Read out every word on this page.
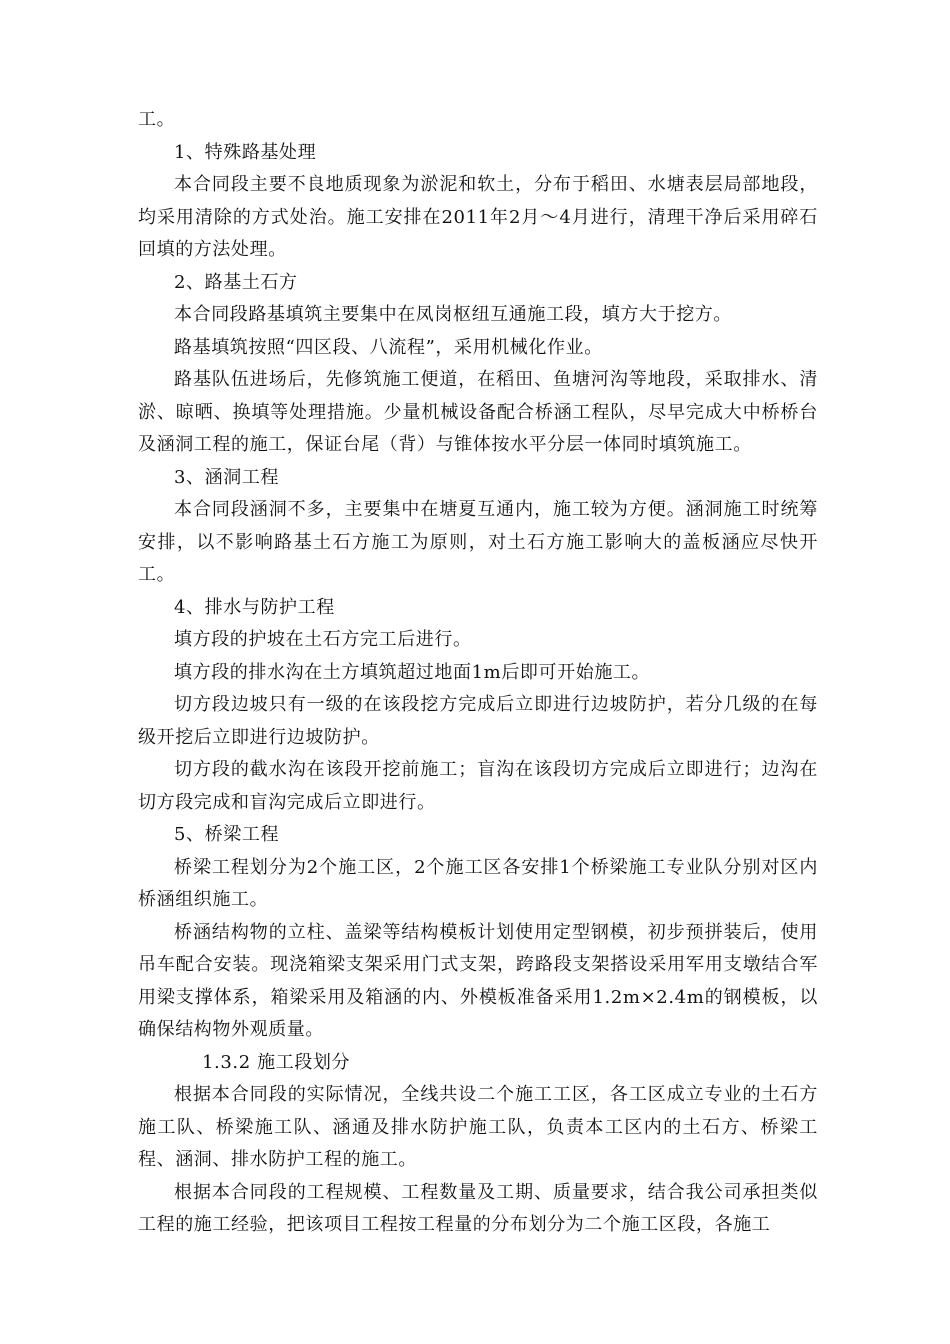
工。

1、特殊路基处理

本合同段主要不良地质现象为淤泥和软土，分布于稻田、水塘表层局部地段，均采用清除的方式处治。施工安排在2011年2月～4月进行，清理干净后采用碎石回填的方法处理。

2、路基土石方

本合同段路基填筑主要集中在凤岗枢纽互通施工段，填方大于挖方。

路基填筑按照“四区段、八流程”，采用机械化作业。

路基队伍进场后，先修筑施工便道，在稻田、鱼塘河沟等地段，采取排水、清淤、晾晒、换填等处理措施。少量机械设备配合桥涵工程队，尽早完成大中桥桥台及涵洞工程的施工，保证台尾（背）与锥体按水平分层一体同时填筑施工。

3、涵洞工程

本合同段涵洞不多，主要集中在塘夏互通内，施工较为方便。涵洞施工时统筹安排，以不影响路基土石方施工为原则，对土石方施工影响大的盖板涵应尽快开工。

4、排水与防护工程

填方段的护坡在土石方完工后进行。

填方段的排水沟在土方填筑超过地面1m后即可开始施工。

切方段边坡只有一级的在该段挖方完成后立即进行边坡防护，若分几级的在每级开挖后立即进行边坡防护。

切方段的截水沟在该段开挖前施工；盲沟在该段切方完成后立即进行；边沟在切方段完成和盲沟完成后立即进行。

5、桥梁工程

桥梁工程划分为2个施工区，2个施工区各安排1个桥梁施工专业队分别对区内桥涵组织施工。

桥涵结构物的立柱、盖梁等结构模板计划使用定型钢模，初步预拼装后，使用吊车配合安装。现浇箱梁支架采用门式支架，跨路段支架搭设采用军用支墩结合军用梁支撑体系，箱梁采用及箱涵的内、外模板准备采用1.2m×2.4m的钢模板，以确保结构物外观质量。

1.3.2 施工段划分

根据本合同段的实际情况，全线共设二个施工工区，各工区成立专业的土石方施工队、桥梁施工队、涵通及排水防护施工队，负责本工区内的土石方、桥梁工程、涵洞、排水防护工程的施工。

根据本合同段的工程规模、工程数量及工期、质量要求，结合我公司承担类似工程的施工经验，把该项目工程按工程量的分布划分为二个施工区段，各施工
